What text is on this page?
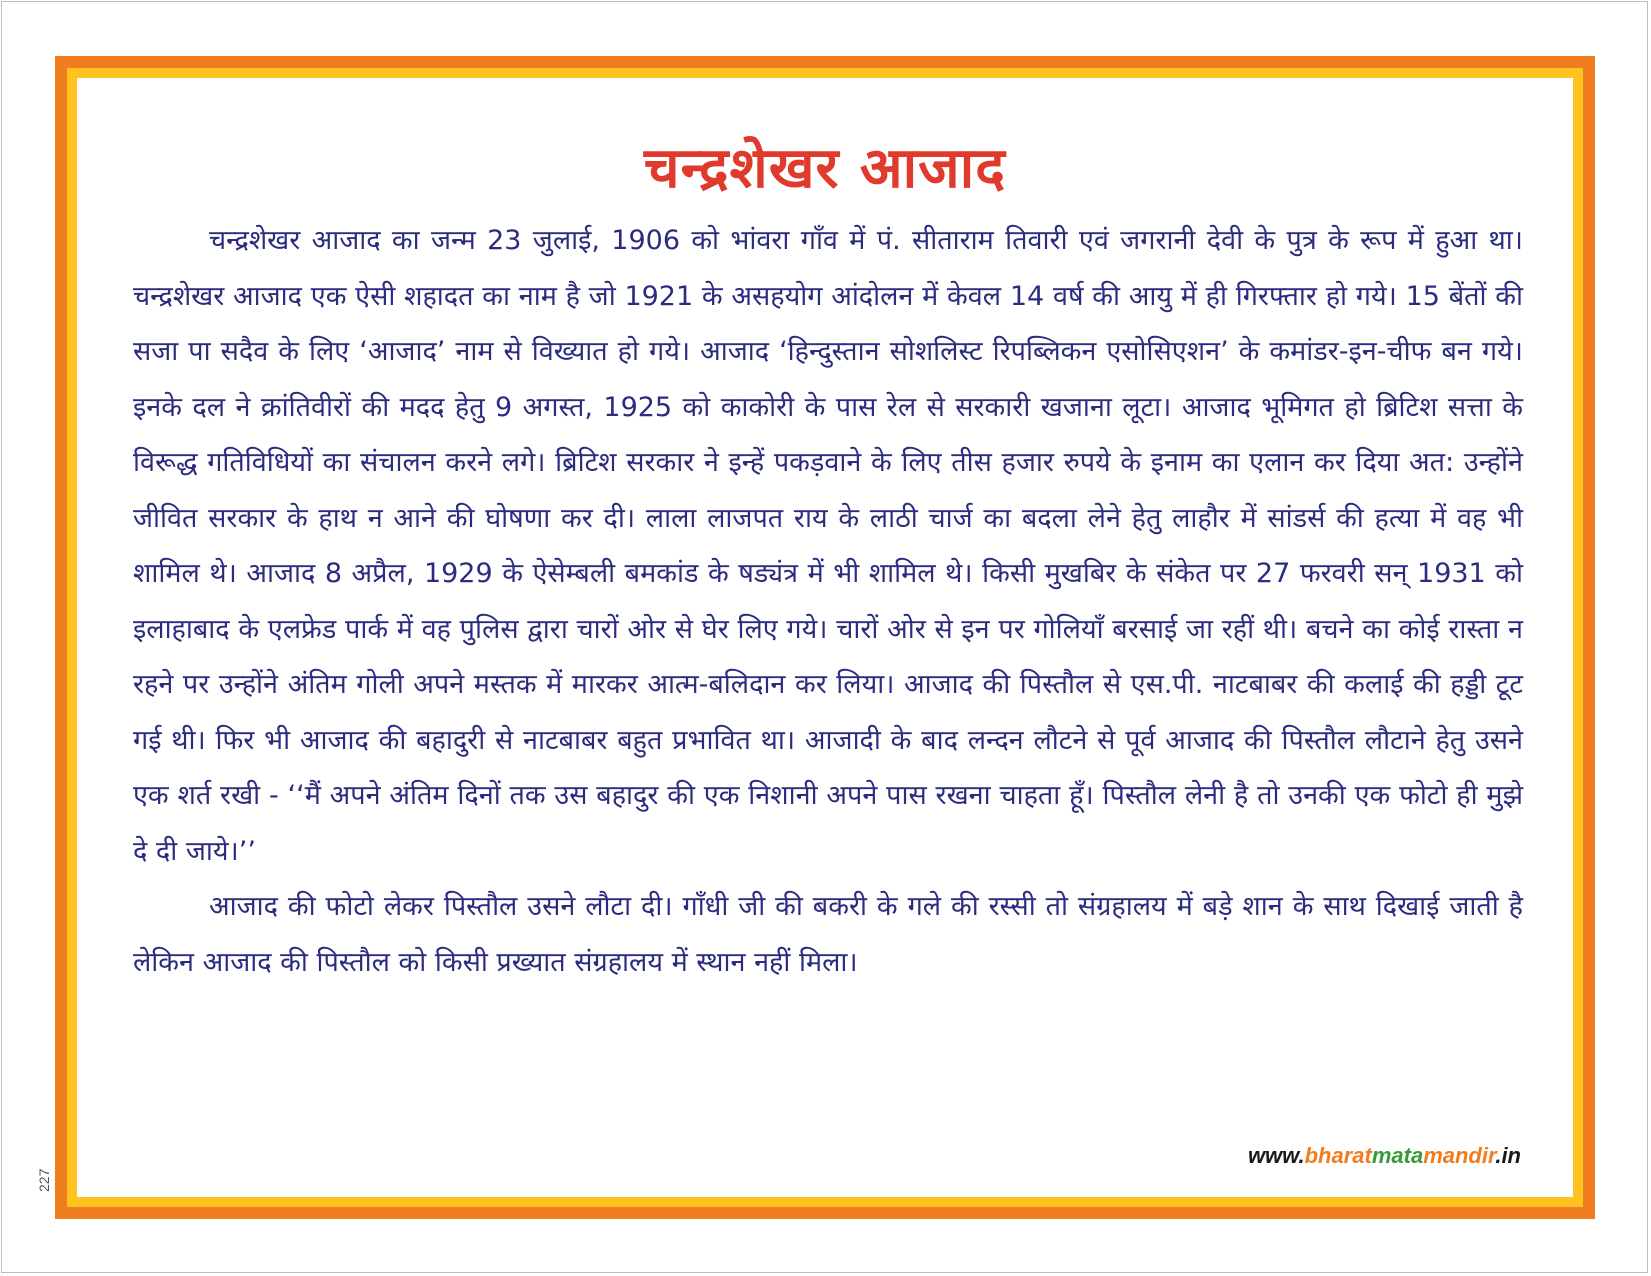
चन्द्रशेखर आजाद

चन्द्रशेखर आजाद का जन्म 23 जुलाई, 1906 को भांवरा गाँव में पं. सीताराम तिवारी एवं जगरानी देवी के पुत्र के रूप में हुआ था। चन्द्रशेखर आजाद एक ऐसी शहादत का नाम है जो 1921 के असहयोग आंदोलन में केवल 14 वर्ष की आयु में ही गिरफ्तार हो गये। 15 बेंतों की सजा पा सदैव के लिए ‘आजाद’ नाम से विख्यात हो गये। आजाद ‘हिन्दुस्तान सोशलिस्ट रिपब्लिकन एसोसिएशन’ के कमांडर-इन-चीफ बन गये। इनके दल ने क्रांतिवीरों की मदद हेतु 9 अगस्त, 1925 को काकोरी के पास रेल से सरकारी खजाना लूटा। आजाद भूमिगत हो ब्रिटिश सत्ता के विरूद्ध गतिविधियों का संचालन करने लगे। ब्रिटिश सरकार ने इन्हें पकड़वाने के लिए तीस हजार रुपये के इनाम का एलान कर दिया अत: उन्होंने जीवित सरकार के हाथ न आने की घोषणा कर दी। लाला लाजपत राय के लाठी चार्ज का बदला लेने हेतु लाहौर में सांडर्स की हत्या में वह भी शामिल थे। आजाद 8 अप्रैल, 1929 के ऐसेम्बली बमकांड के षड्यंत्र में भी शामिल थे। किसी मुखबिर के संकेत पर 27 फरवरी सन् 1931 को इलाहाबाद के एलफ्रेड पार्क में वह पुलिस द्वारा चारों ओर से घेर लिए गये। चारों ओर से इन पर गोलियाँ बरसाई जा रहीं थी। बचने का कोई रास्ता न रहने पर उन्होंने अंतिम गोली अपने मस्तक में मारकर आत्म-बलिदान कर लिया। आजाद की पिस्तौल से एस.पी. नाटबाबर की कलाई की हड्डी टूट गई थी। फिर भी आजाद की बहादुरी से नाटबाबर बहुत प्रभावित था। आजादी के बाद लन्दन लौटने से पूर्व आजाद की पिस्तौल लौटाने हेतु उसने एक शर्त रखी - ‘‘मैं अपने अंतिम दिनों तक उस बहादुर की एक निशानी अपने पास रखना चाहता हूँ। पिस्तौल लेनी है तो उनकी एक फोटो ही मुझे दे दी जाये।’’

आजाद की फोटो लेकर पिस्तौल उसने लौटा दी। गाँधी जी की बकरी के गले की रस्सी तो संग्रहालय में बड़े शान के साथ दिखाई जाती है लेकिन आजाद की पिस्तौल को किसी प्रख्यात संग्रहालय में स्थान नहीं मिला।

www.bharatmatamandir.in
227
